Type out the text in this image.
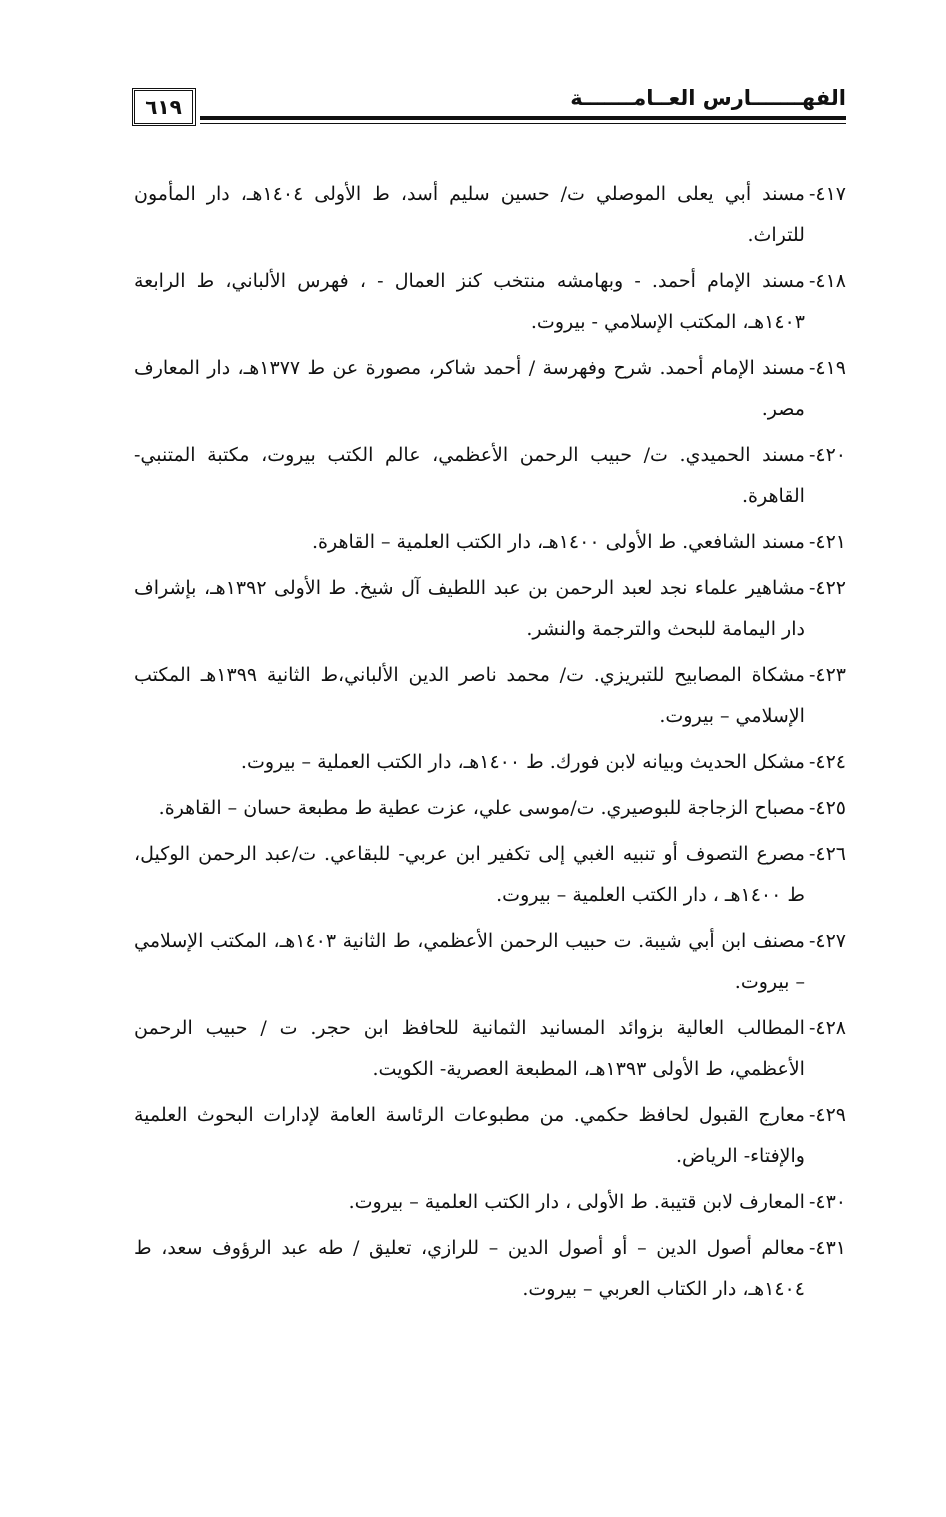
٦١٩	الفهـــــــارس العــامـــــــة
٤١٧-
مسند أبي يعلى الموصلي ت/ حسين سليم أسد، ط الأولى ١٤٠٤هـ، دار المأمون للتراث.
٤١٨-
مسند الإمام أحمد. - وبهامشه منتخب كنز العمال - ، فهرس الألباني، ط الرابعة ١٤٠٣هـ، المكتب الإسلامي - بيروت.
٤١٩-
مسند الإمام أحمد. شرح وفهرسة / أحمد شاكر، مصورة عن ط ١٣٧٧هـ، دار المعارف مصر.
٤٢٠-
مسند الحميدي. ت/ حبيب الرحمن الأعظمي، عالم الكتب بيروت، مكتبة المتنبي- القاهرة.
٤٢١-
مسند الشافعي. ط الأولى ١٤٠٠هـ، دار الكتب العلمية – القاهرة.
٤٢٢-
مشاهير علماء نجد لعبد الرحمن بن عبد اللطيف آل شيخ. ط الأولى ١٣٩٢هـ، بإشراف دار اليمامة للبحث والترجمة والنشر.
٤٢٣-
مشكاة المصابيح للتبريزي. ت/ محمد ناصر الدين الألباني،ط الثانية ١٣٩٩هـ المكتب الإسلامي – بيروت.
٤٢٤-
مشكل الحديث وبيانه لابن فورك. ط ١٤٠٠هـ، دار الكتب العملية – بيروت.
٤٢٥-
مصباح الزجاجة للبوصيري. ت/موسى علي، عزت عطية ط مطبعة حسان – القاهرة.
٤٢٦-
مصرع التصوف أو تنبيه الغبي إلى تكفير ابن عربي- للبقاعي. ت/عبد الرحمن الوكيل، ط ١٤٠٠هـ ، دار الكتب العلمية – بيروت.
٤٢٧-
مصنف ابن أبي شيبة. ت حبيب الرحمن الأعظمي، ط الثانية ١٤٠٣هـ، المكتب الإسلامي – بيروت.
٤٢٨-
المطالب العالية بزوائد المسانيد الثمانية للحافظ ابن حجر. ت / حبيب الرحمن الأعظمي، ط الأولى ١٣٩٣هـ، المطبعة العصرية- الكويت.
٤٢٩-
معارج القبول لحافظ حكمي. من مطبوعات الرئاسة العامة لإدارات البحوث العلمية والإفتاء- الرياض.
٤٣٠-
المعارف لابن قتيبة. ط الأولى ، دار الكتب العلمية – بيروت.
٤٣١-
معالم أصول الدين – أو أصول الدين – للرازي، تعليق / طه عبد الرؤوف سعد، ط ١٤٠٤هـ، دار الكتاب العربي – بيروت.
